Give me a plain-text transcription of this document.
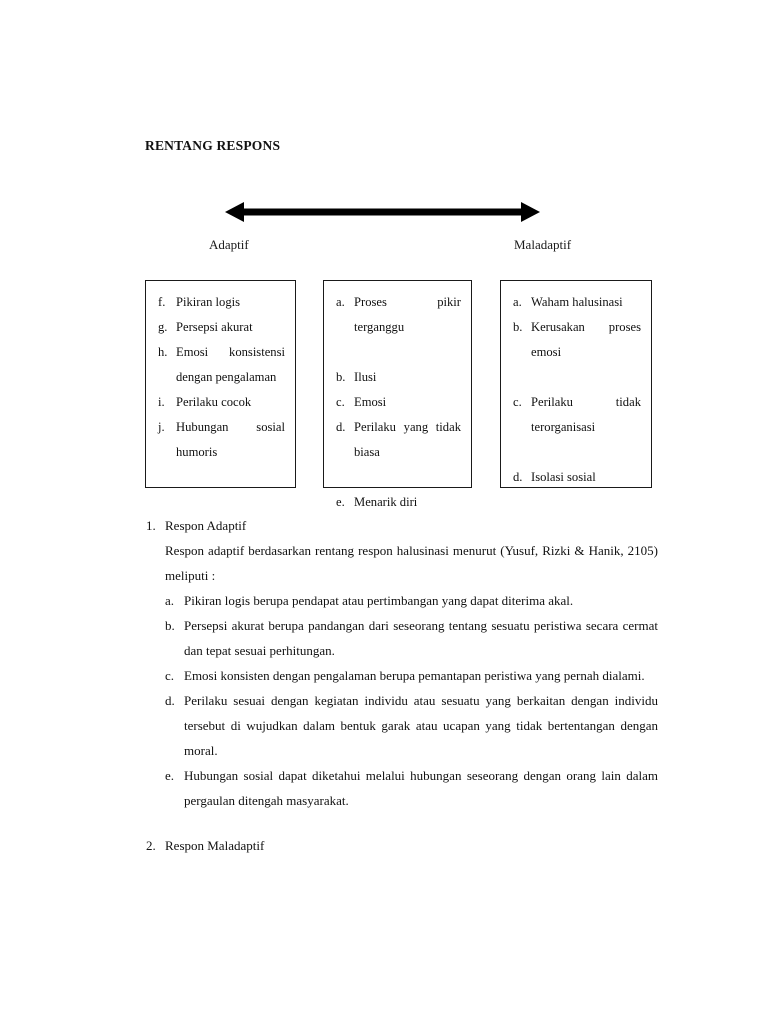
RENTANG RESPONS
Adaptif	Maladaptif
f. Pikiran logis
g. Persepsi akurat
h. Emosi konsistensi dengan pengalaman
i. Perilaku cocok
j. Hubungan sosial humoris
a. Proses pikir terganggu
b. Ilusi
c. Emosi
d. Perilaku yang tidak biasa
e. Menarik diri
a. Waham halusinasi
b. Kerusakan proses emosi
c. Perilaku tidak terorganisasi
d. Isolasi sosial
1. Respon Adaptif

Respon adaptif berdasarkan rentang respon halusinasi menurut (Yusuf, Rizki & Hanik, 2105) meliputi :

a. Pikiran logis berupa pendapat atau pertimbangan yang dapat diterima akal.
b. Persepsi akurat berupa pandangan dari seseorang tentang sesuatu peristiwa secara cermat dan tepat sesuai perhitungan.
c. Emosi konsisten dengan pengalaman berupa pemantapan peristiwa yang pernah dialami.
d. Perilaku sesuai dengan kegiatan individu atau sesuatu yang berkaitan dengan individu tersebut di wujudkan dalam bentuk garak atau ucapan yang tidak bertentangan dengan moral.
e. Hubungan sosial dapat diketahui melalui hubungan seseorang dengan orang lain dalam pergaulan ditengah masyarakat.
2. Respon Maladaptif
